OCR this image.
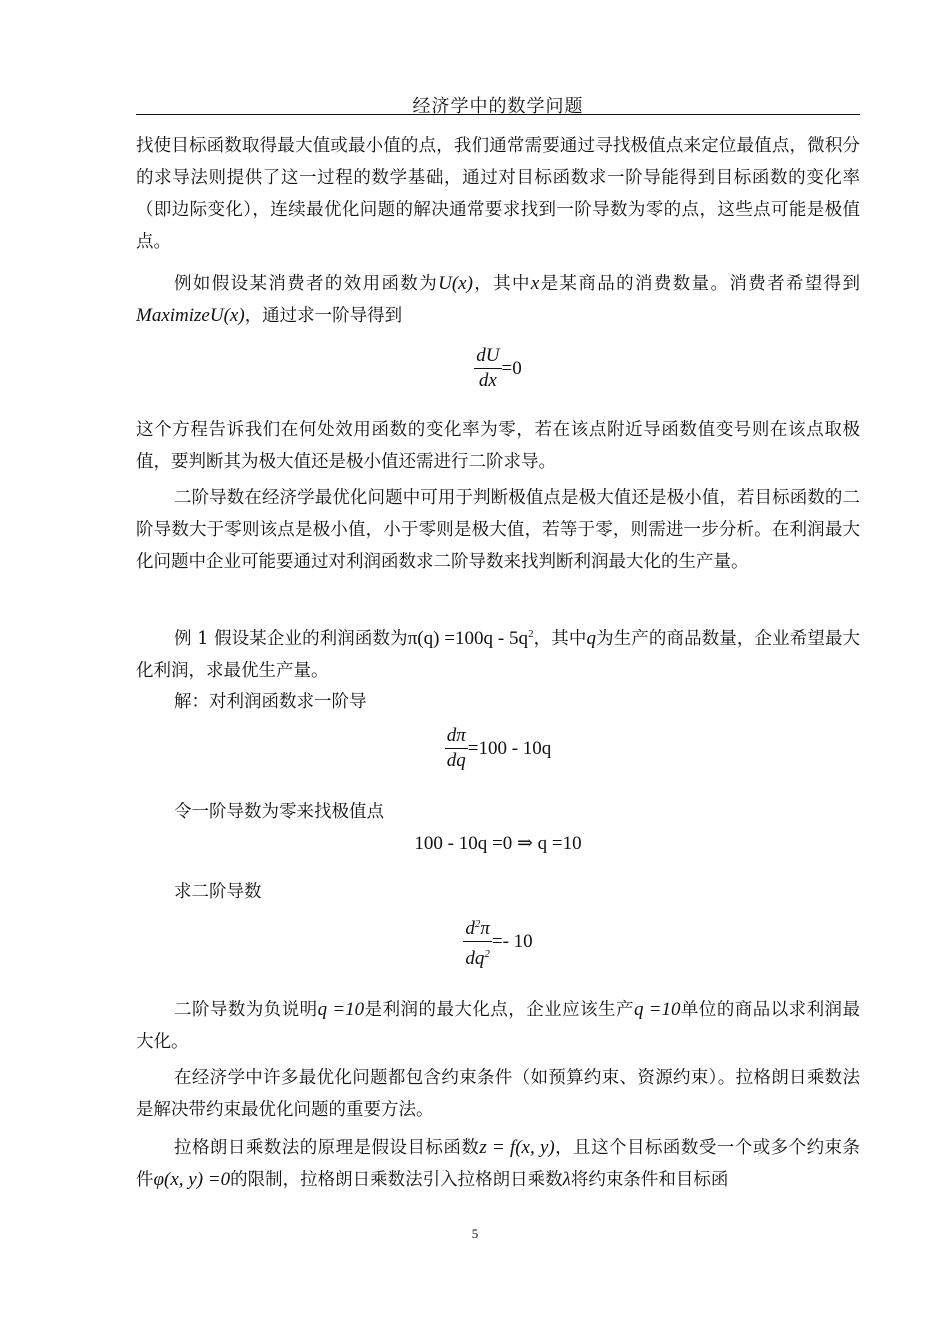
经济学中的数学问题
找使目标函数取得最大值或最小值的点，我们通常需要通过寻找极值点来定位最值点，微积分的求导法则提供了这一过程的数学基础，通过对目标函数求一阶导能得到目标函数的变化率（即边际变化），连续最优化问题的解决通常要求找到一阶导数为零的点，这些点可能是极值点。
例如假设某消费者的效用函数为U(x)，其中x是某商品的消费数量。消费者希望得到MaximizeU(x)，通过求一阶导得到
$\frac{dU}{dx} =0$
这个方程告诉我们在何处效用函数的变化率为零，若在该点附近导函数值变号则在该点取极值，要判断其为极大值还是极小值还需进行二阶求导。
二阶导数在经济学最优化问题中可用于判断极值点是极大值还是极小值，若目标函数的二阶导数大于零则该点是极小值，小于零则是极大值，若等于零，则需进一步分析。在利润最大化问题中企业可能要通过对利润函数求二阶导数来找判断利润最大化的生产量。
例 1 假设某企业的利润函数为$\pi(q) =100q - 5q^2$，其中q为生产的商品数量，企业希望最大化利润，求最优生产量。
解：对利润函数求一阶导
$\frac{d\pi}{dq} =100 - 10q$
令一阶导数为零来找极值点
100 - 10q =0 ⇒ q =10
求二阶导数
$\frac{d^2\pi}{dq^2} =- 10$
二阶导数为负说明q =10是利润的最大化点，企业应该生产q =10单位的商品以求利润最大化。
在经济学中许多最优化问题都包含约束条件（如预算约束、资源约束）。拉格朗日乘数法是解决带约束最优化问题的重要方法。
拉格朗日乘数法的原理是假设目标函数z = f(x, y)，且这个目标函数受一个或多个约束条件φ(x, y) =0的限制，拉格朗日乘数法引入拉格朗日乘数λ将约束条件和目标函
5
